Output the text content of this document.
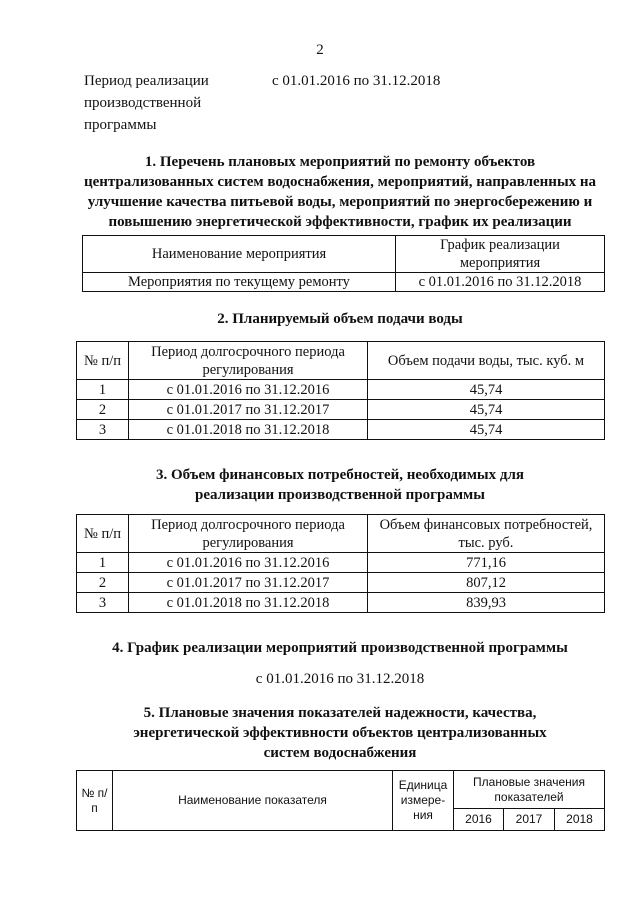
2
Период реализации
производственной
программы
с 01.01.2016 по 31.12.2018
1. Перечень плановых мероприятий по ремонту объектов
централизованных систем водоснабжения, мероприятий, направленных на
улучшение качества питьевой воды, мероприятий по энергосбережению и
повышению энергетической эффективности, график их реализации
Наименование мероприятия	График реализации мероприятия
Мероприятия по текущему ремонту	с 01.01.2016 по 31.12.2018
2. Планируемый объем подачи воды
№ п/п	Период долгосрочного периода регулирования	Объем подачи воды, тыс. куб. м
1	с 01.01.2016 по 31.12.2016	45,74
2	с 01.01.2017 по 31.12.2017	45,74
3	с 01.01.2018 по 31.12.2018	45,74
3. Объем финансовых потребностей, необходимых для
реализации производственной программы
№ п/п	Период долгосрочного периода регулирования	Объем финансовых потребностей, тыс. руб.
1	с 01.01.2016 по 31.12.2016	771,16
2	с 01.01.2017 по 31.12.2017	807,12
3	с 01.01.2018 по 31.12.2018	839,93
4. График реализации мероприятий производственной программы
с 01.01.2016 по 31.12.2018
5. Плановые значения показателей надежности, качества,
энергетической эффективности объектов централизованных
систем водоснабжения
№ п/п	Наименование показателя	Единица измере- ния	Плановые значения показателей		
			2016	2017	2018
